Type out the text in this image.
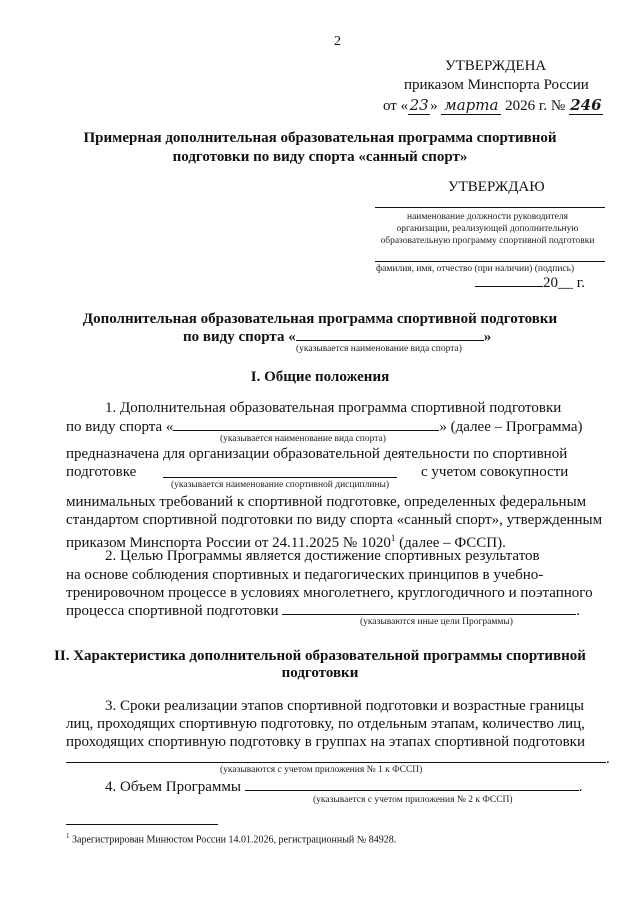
2
УТВЕРЖДЕНА
приказом Минспорта России
от «23» марта 2026 г. № 246
Примерная дополнительная образовательная программа спортивной
подготовки по виду спорта «санный спорт»
УТВЕРЖДАЮ
наименование должности руководителя
организации, реализующей дополнительную
образовательную программу спортивной подготовки
фамилия, имя, отчество (при наличии) (подпись)
20__ г.
Дополнительная образовательная программа спортивной подготовки
по виду спорта «	»
(указывается наименование вида спорта)
I. Общие положения
1. Дополнительная образовательная программа спортивной подготовки
по виду спорта «	» (далее – Программа)
(указывается наименование вида спорта)
предназначена для организации образовательной деятельности по спортивной
подготовке	с учетом совокупности
(указывается наименование спортивной дисциплины)
минимальных требований к спортивной подготовке, определенных федеральным
стандартом спортивной подготовки по виду спорта «санный спорт», утвержденным
приказом Минспорта России от 24.11.2025 № 1020$^1$ (далее – ФССП).
2. Целью Программы является достижение спортивных результатов
на основе соблюдения спортивных и педагогических принципов в учебно-
тренировочном процессе в условиях многолетнего, круглогодичного и поэтапного
процесса спортивной подготовки	.
(указываются иные цели Программы)
II. Характеристика дополнительной образовательной программы спортивной
подготовки
3. Сроки реализации этапов спортивной подготовки и возрастные границы
лиц, проходящих спортивную подготовку, по отдельным этапам, количество лиц,
проходящих спортивную подготовку в группах на этапах спортивной подготовки
.
(указываются с учетом приложения № 1 к ФССП)
4. Объем Программы	.
(указывается с учетом приложения № 2 к ФССП)
$^1$ Зарегистрирован Минюстом России 14.01.2026, регистрационный № 84928.
